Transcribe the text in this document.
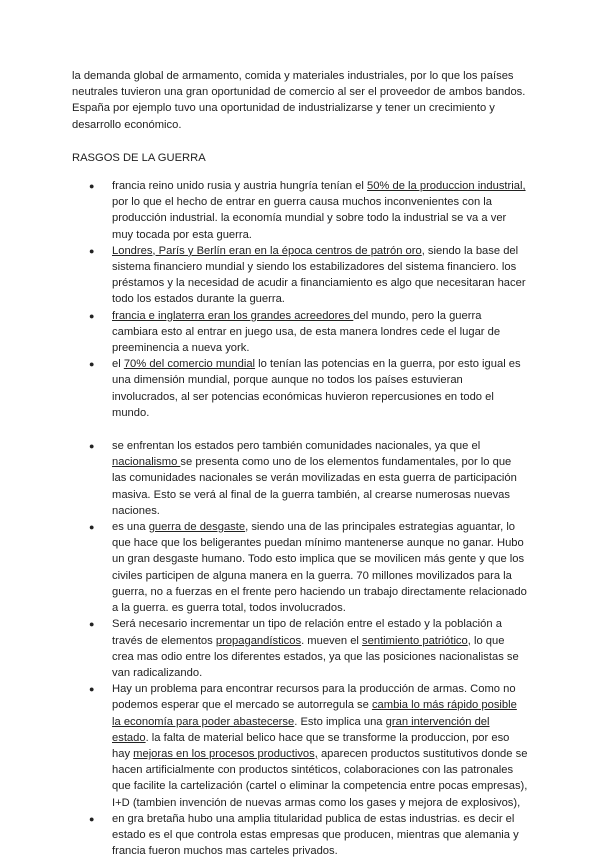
la demanda global de armamento, comida y materiales industriales, por lo que los países neutrales tuvieron una gran oportunidad de comercio al ser el proveedor de ambos bandos. España por ejemplo tuvo una oportunidad de industrializarse y tener un crecimiento y desarrollo económico.

RASGOS DE LA GUERRA

● francia reino unido rusia y austria hungría tenían el 50% de la produccion industrial, por lo que el hecho de entrar en guerra causa muchos inconvenientes con la producción industrial. la economía mundial y sobre todo la industrial se va a ver muy tocada por esta guerra.
● Londres, París y Berlín eran en la época centros de patrón oro, siendo la base del sistema financiero mundial y siendo los estabilizadores del sistema financiero. los préstamos y la necesidad de acudir a financiamiento es algo que necesitaran hacer todo los estados durante la guerra.
● francia e inglaterra eran los grandes acreedores del mundo, pero la guerra cambiara esto al entrar en juego usa, de esta manera londres cede el lugar de preeminencia a nueva york.
● el 70% del comercio mundial lo tenían las potencias en la guerra, por esto igual es una dimensión mundial, porque aunque no todos los países estuvieran involucrados, al ser potencias económicas huvieron repercusiones en todo el mundo.
● se enfrentan los estados pero también comunidades nacionales, ya que el nacionalismo se presenta como uno de los elementos fundamentales, por lo que las comunidades nacionales se verán movilizadas en esta guerra de participación masiva. Esto se verá al final de la guerra también, al crearse numerosas nuevas naciones.
● es una guerra de desgaste, siendo una de las principales estrategias aguantar, lo que hace que los beligerantes puedan mínimo mantenerse aunque no ganar. Hubo un gran desgaste humano. Todo esto implica que se movilicen más gente y que los civiles participen de alguna manera en la guerra. 70 millones movilizados para la guerra, no a fuerzas en el frente pero haciendo un trabajo directamente relacionado a la guerra. es guerra total, todos involucrados.
● Será necesario incrementar un tipo de relación entre el estado y la población a través de elementos propagandísticos. mueven el sentimiento patriótico, lo que crea mas odio entre los diferentes estados, ya que las posiciones nacionalistas se van radicalizando.
● Hay un problema para encontrar recursos para la producción de armas. Como no podemos esperar que el mercado se autorregula se cambia lo más rápido posible la economía para poder abastecerse. Esto implica una gran intervención del estado. la falta de material belico hace que se transforme la produccion, por eso hay mejoras en los procesos productivos, aparecen productos sustitutivos donde se hacen artificialmente con productos sintéticos, colaboraciones con las patronales que facilite la cartelización (cartel o eliminar la competencia entre pocas empresas), I+D (tambien invención de nuevas armas como los gases y mejora de explosivos),
● en gra bretaña hubo una amplia titularidad publica de estas industrias. es decir el estado es el que controla estas empresas que producen, mientras que alemania y francia fueron muchos mas carteles privados.
